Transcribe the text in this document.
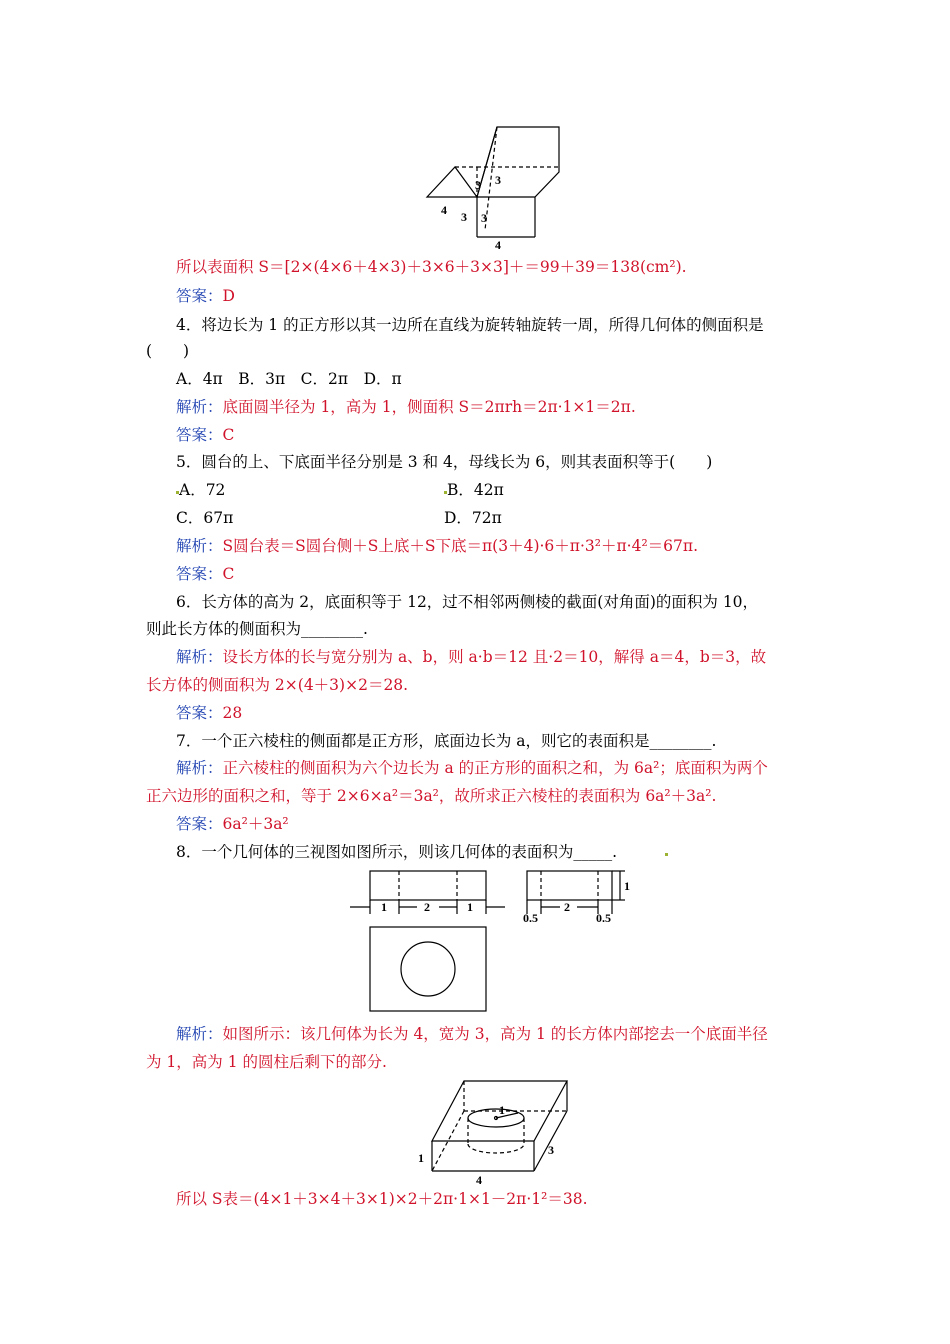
4
3 3
3 3
4
所以表面积 S＝[2×(4×6＋4×3)＋3×6＋3×3]＋＝99＋39＝138(cm²).
答案：D
4．将边长为 1 的正方形以其一边所在直线为旋转轴旋转一周，所得几何体的侧面积是
(　　)
A．4π　B．3π　C．2π　D．π
解析：底面圆半径为 1，高为 1，侧面积 S＝2πrh＝2π·1×1＝2π.
答案：C
5．圆台的上、下底面半径分别是 3 和 4，母线长为 6，则其表面积等于(　　)
A．72	B．42π
C．67π	D．72π
解析：S圆台表＝S圆台侧＋S上底＋S下底＝π(3＋4)·6＋π·3²＋π·4²＝67π.
答案：C
6．长方体的高为 2，底面积等于 12，过不相邻两侧棱的截面(对角面)的面积为 10，
则此长方体的侧面积为________.
解析：设长方体的长与宽分别为 a、b，则 a·b＝12 且·2＝10，解得 a＝4，b＝3，故
长方体的侧面积为 2×(4＋3)×2＝28.
答案：28
7．一个正六棱柱的侧面都是正方形，底面边长为 a，则它的表面积是________.
解析：正六棱柱的侧面积为六个边长为 a 的正方形的面积之和，为 6a²；底面积为两个
正六边形的面积之和，等于 2×6×a²＝3a²，故所求正六棱柱的表面积为 6a²＋3a².
答案：6a²＋3a²
8．一个几何体的三视图如图所示，则该几何体的表面积为_____.
1	2	1
0.5
2
0.5
1
解析：如图所示：该几何体为长为 4，宽为 3，高为 1 的长方体内部挖去一个底面半径
为 1，高为 1 的圆柱后剩下的部分.
1
3
1
4
所以 S表＝(4×1＋3×4＋3×1)×2＋2π·1×1－2π·1²＝38.
